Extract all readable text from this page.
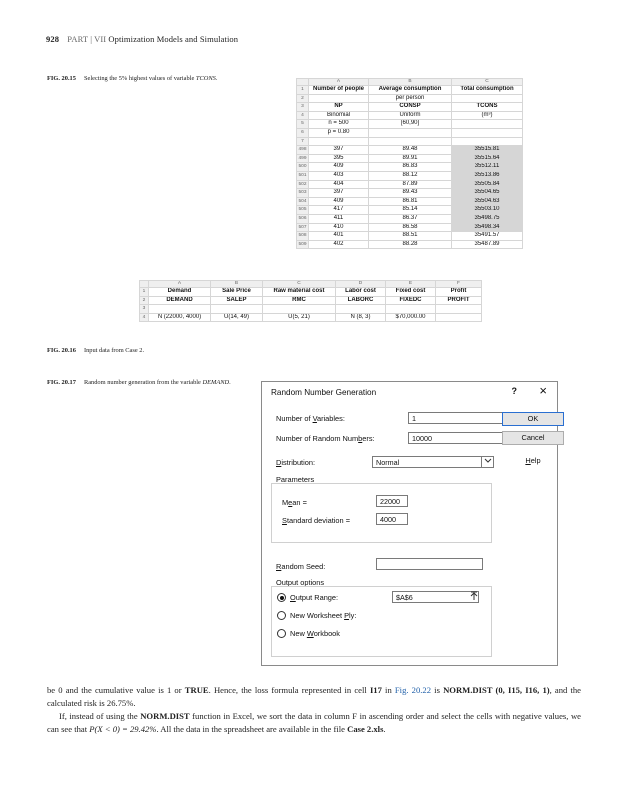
928 PART | VII Optimization Models and Simulation
FIG. 20.15 Selecting the 5% highest values of variable TCONS.
		A	B	C
1	Number of people	Average consumption	Total consumption
2		per person	
3	NP	CONSP	TCONS
4	Binomial	Uniform	(m³)
5	n = 500	[60,90]	
6	p = 0.80		
7			
498	397	89.48	35515.81
499	395	89.91	35515.64
500	409	86.83	35512.11
501	403	88.12	35513.86
502	404	87.89	35505.84
503	397	89.43	35504.65
504	409	86.81	35504.63
505	417	85.14	35503.10
506	411	86.37	35498.75
507	410	86.58	35498.34
508	401	88.51	35491.57
509	402	88.28	35487.89
	A	B	C	D	E	F
1	Demand	Sale Price	Raw material cost	Labor cost	Fixed cost	Profit
2	DEMAND	SALEP	RMC	LABORC	FIXEDC	PROFIT
3						
4	N (22000, 4000)	U(14, 49)	U(5, 21)	N (8, 3)	$70,000.00	
FIG. 20.16 Input data from Case 2.
FIG. 20.17 Random number generation from the variable DEMAND.
Random Number Generation	? ×
Number of Variables:	1
Number of Random Numbers:	10000
Distribution:	Normal
OK
Cancel
Help
Parameters
Mean =	22000
Standard deviation =	4000
Random Seed:
Output options
Output Range:	$A$6
New Worksheet Ply:
New Workbook
be 0 and the cumulative value is 1 or TRUE. Hence, the loss formula represented in cell I17 in Fig. 20.22 is NORM.DIST (0, I15, I16, 1), and the calculated risk is 26.75%.
If, instead of using the NORM.DIST function in Excel, we sort the data in column F in ascending order and select the cells with negative values, we can see that P(X < 0) = 29.42%. All the data in the spreadsheet are available in the file Case 2.xls.
